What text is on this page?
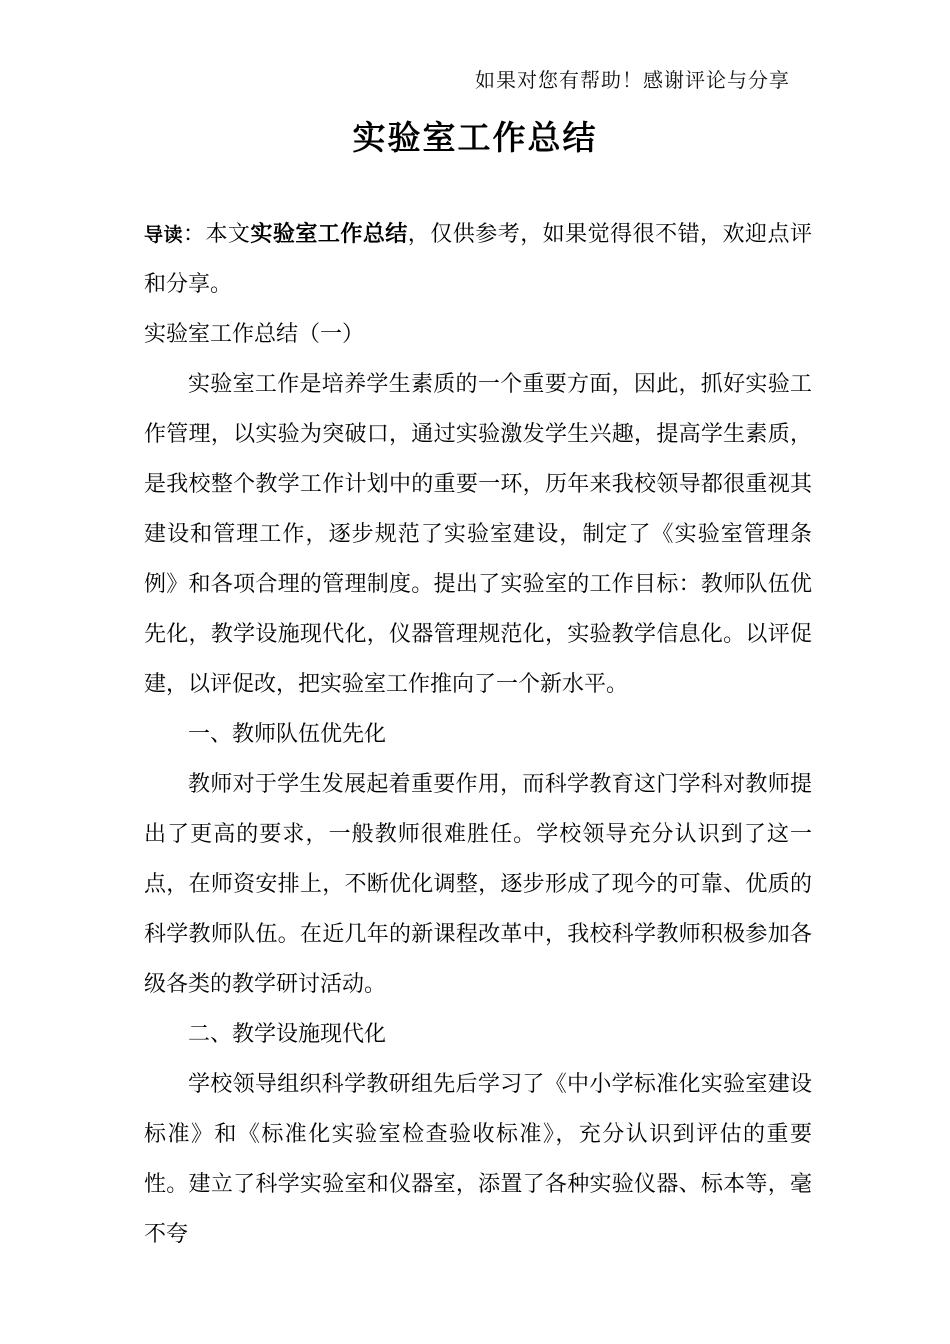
如果对您有帮助！感谢评论与分享
实验室工作总结

导读：本文实验室工作总结，仅供参考，如果觉得很不错，欢迎点评和分享。

实验室工作总结（一）

实验室工作是培养学生素质的一个重要方面，因此，抓好实验工作管理，以实验为突破口，通过实验激发学生兴趣，提高学生素质，是我校整个教学工作计划中的重要一环，历年来我校领导都很重视其建设和管理工作，逐步规范了实验室建设，制定了《实验室管理条例》和各项合理的管理制度。提出了实验室的工作目标：教师队伍优先化，教学设施现代化，仪器管理规范化，实验教学信息化。以评促建，以评促改，把实验室工作推向了一个新水平。

一、教师队伍优先化

教师对于学生发展起着重要作用，而科学教育这门学科对教师提出了更高的要求，一般教师很难胜任。学校领导充分认识到了这一点，在师资安排上，不断优化调整，逐步形成了现今的可靠、优质的科学教师队伍。在近几年的新课程改革中，我校科学教师积极参加各级各类的教学研讨活动。

二、教学设施现代化

学校领导组织科学教研组先后学习了《中小学标准化实验室建设标准》和《标准化实验室检查验收标准》，充分认识到评估的重要性。建立了科学实验室和仪器室，添置了各种实验仪器、标本等，毫不夸
